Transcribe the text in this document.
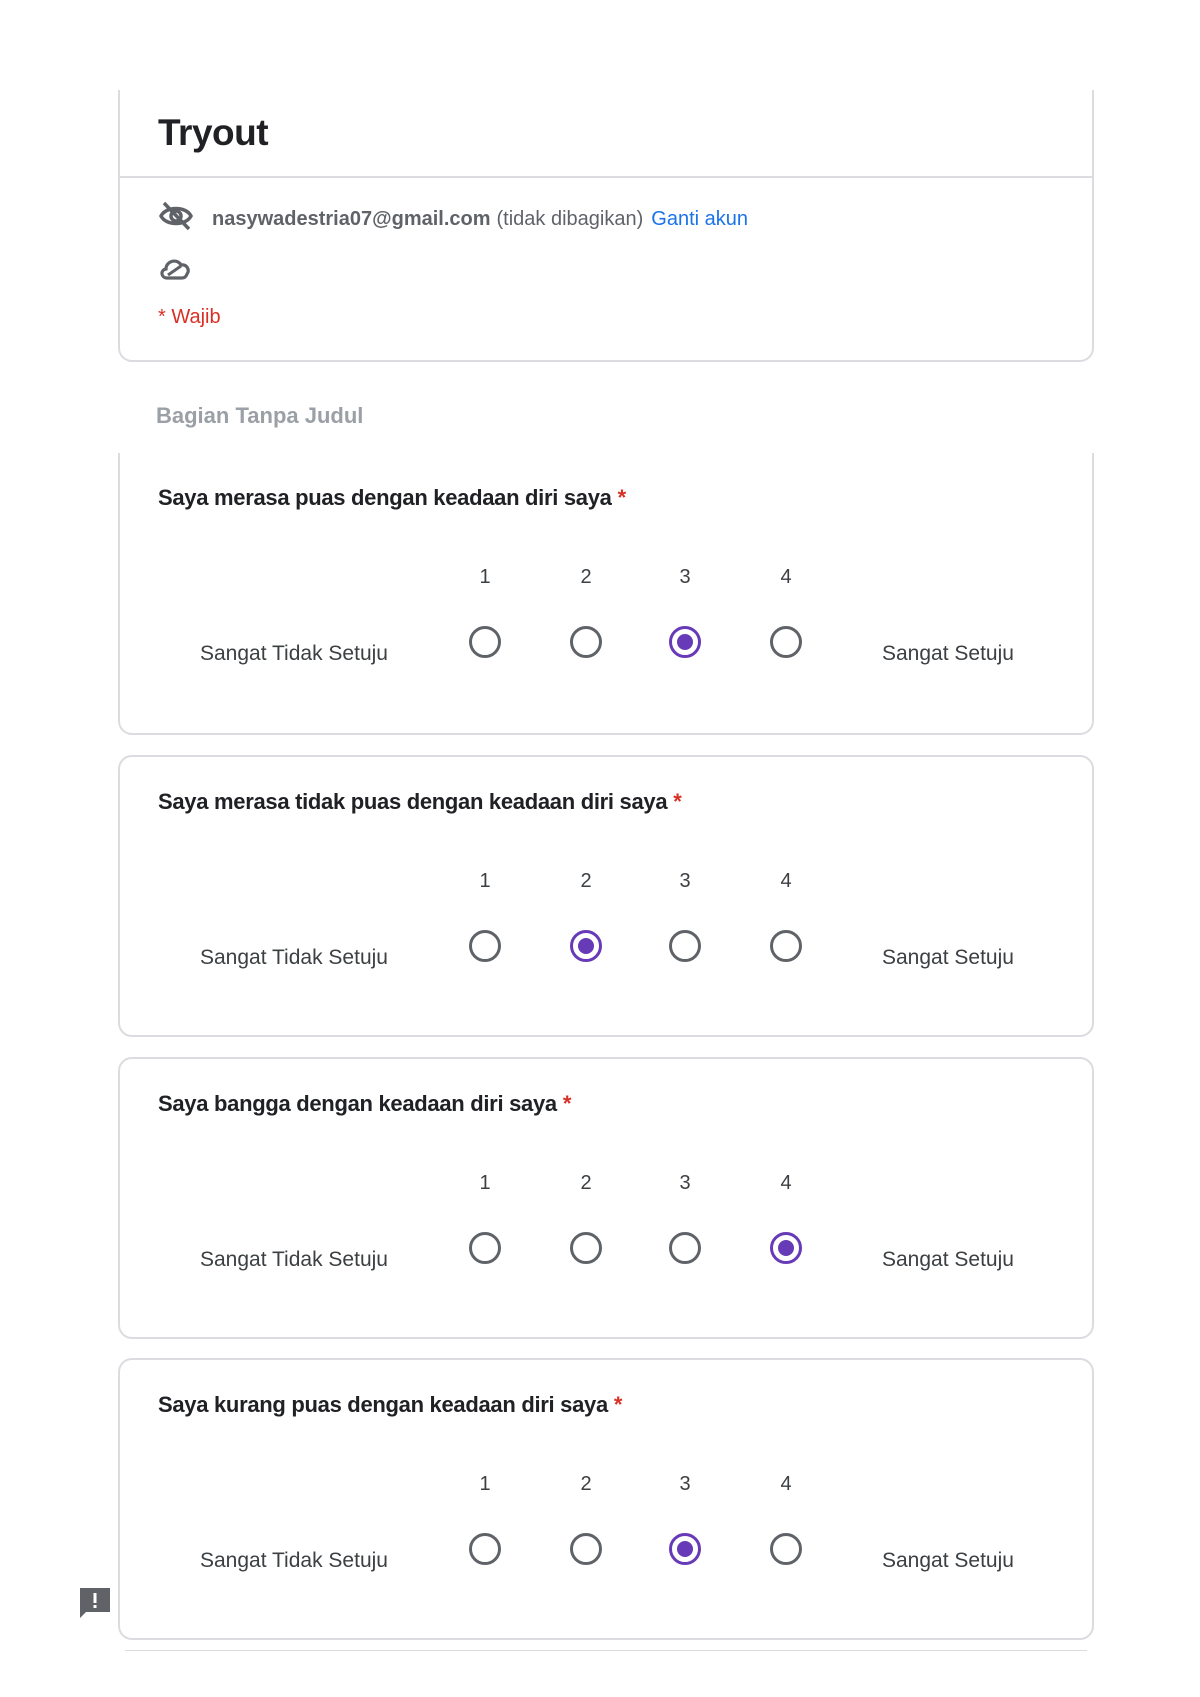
Tryout
nasywadestria07@gmail.com (tidak dibagikan) Ganti akun
* Wajib
Bagian Tanpa Judul
Saya merasa puas dengan keadaan diri saya *
1	2	3	4
Sangat Tidak Setuju	Sangat Setuju
Saya merasa tidak puas dengan keadaan diri saya *
1	2	3	4
Sangat Tidak Setuju	Sangat Setuju
Saya bangga dengan keadaan diri saya *
1	2	3	4
Sangat Tidak Setuju	Sangat Setuju
Saya kurang puas dengan keadaan diri saya *
1	2	3	4
Sangat Tidak Setuju	Sangat Setuju
